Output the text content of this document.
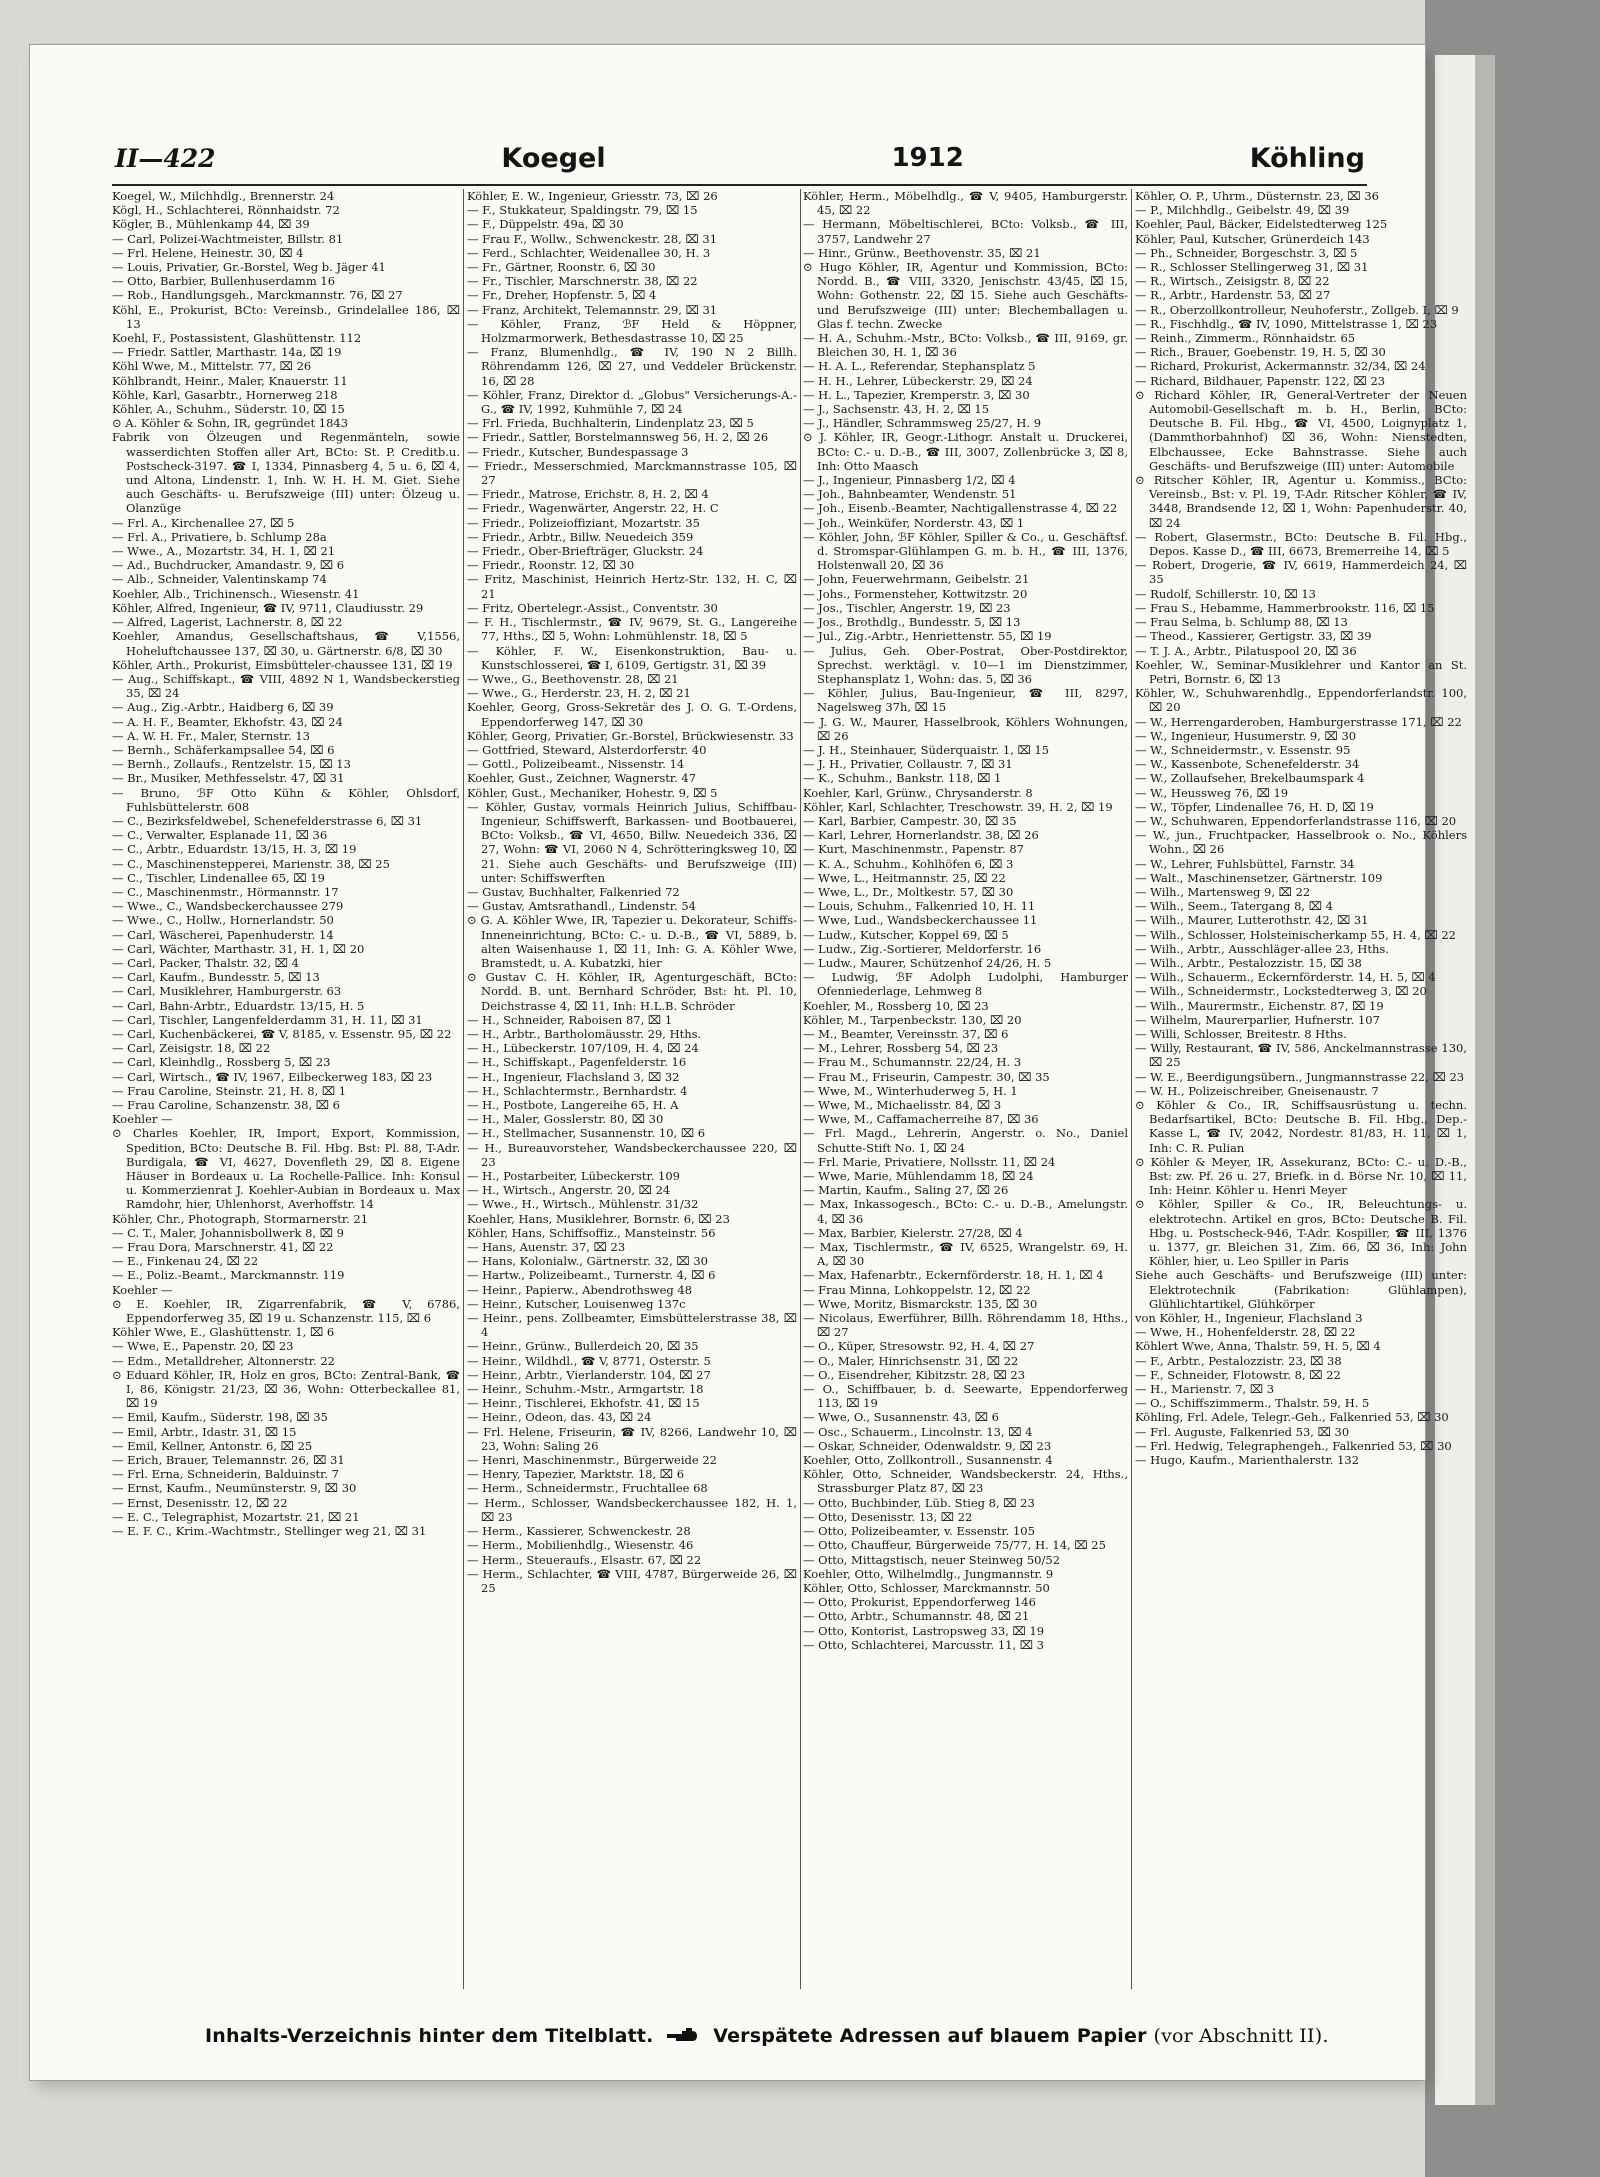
II—422	Koegel	1912	Köhling

Koegel, W., Milchhdlg., Brennerstr. 24

Kögl, H., Schlachterei, Rönnhaidstr. 72

Kögler, B., Mühlenkamp 44, ⌧ 39

— Carl, Polizei-Wachtmeister, Billstr. 81

— Frl. Helene, Heinestr. 30, ⌧ 4

— Louis, Privatier, Gr.-Borstel, Weg b. Jäger 41

— Otto, Barbier, Bullenhuserdamm 16

— Rob., Handlungsgeh., Marckmannstr. 76, ⌧ 27

Köhl, E., Prokurist, BCto: Vereinsb., Grindelallee 186, ⌧ 13

Koehl, F., Postassistent, Glashüttenstr. 112

— Friedr. Sattler, Marthastr. 14a, ⌧ 19

Köhl Wwe, M., Mittelstr. 77, ⌧ 26

Köhlbrandt, Heinr., Maler, Knauerstr. 11

Köhle, Karl, Gasarbtr., Hornerweg 218

Köhler, A., Schuhm., Süderstr. 10, ⌧ 15

⊙ A. Köhler & Sohn, IR, gegründet 1843

Fabrik von Ölzeugen und Regenmänteln, sowie wasserdichten Stoffen aller Art, BCto: St. P. Creditb.u. Postscheck-3197. ☎ I, 1334, Pinnasberg 4, 5 u. 6, ⌧ 4, und Altona, Lindenstr. 1, Inh. W. H. H. M. Giet. Siehe auch Geschäfts- u. Berufszweige (III) unter: Ölzeug u. Olanzüge

— Frl. A., Kirchenallee 27, ⌧ 5

— Frl. A., Privatiere, b. Schlump 28a

— Wwe., A., Mozartstr. 34, H. 1, ⌧ 21

— Ad., Buchdrucker, Amandastr. 9, ⌧ 6

— Alb., Schneider, Valentinskamp 74

Koehler, Alb., Trichinensch., Wiesenstr. 41

Köhler, Alfred, Ingenieur, ☎ IV, 9711, Claudiusstr. 29

— Alfred, Lagerist, Lachnerstr. 8, ⌧ 22

Koehler, Amandus, Gesellschaftshaus, ☎ V,1556, Hoheluftchaussee 137, ⌧ 30, u. Gärtnerstr. 6/8, ⌧ 30

Köhler, Arth., Prokurist, Eimsbütteler-chaussee 131, ⌧ 19

— Aug., Schiffskapt., ☎ VIII, 4892 N 1, Wandsbeckerstieg 35, ⌧ 24

— Aug., Zig.-Arbtr., Haidberg 6, ⌧ 39

— A. H. F., Beamter, Ekhofstr. 43, ⌧ 24

— A. W. H. Fr., Maler, Sternstr. 13

— Bernh., Schäferkampsallee 54, ⌧ 6

— Bernh., Zollaufs., Rentzelstr. 15, ⌧ 13

— Br., Musiker, Methfesselstr. 47, ⌧ 31

— Bruno, ℬF Otto Kühn & Köhler, Ohlsdorf, Fuhlsbüttelerstr. 608

— C., Bezirksfeldwebel, Schenefelderstrasse 6, ⌧ 31

— C., Verwalter, Esplanade 11, ⌧ 36

— C., Arbtr., Eduardstr. 13/15, H. 3, ⌧ 19

— C., Maschinenstepperei, Marienstr. 38, ⌧ 25

— C., Tischler, Lindenallee 65, ⌧ 19

— C., Maschinenmstr., Hörmannstr. 17

— Wwe., C., Wandsbeckerchaussee 279

— Wwe., C., Hollw., Hornerlandstr. 50

— Carl, Wäscherei, Papenhuderstr. 14

— Carl, Wächter, Marthastr. 31, H. 1, ⌧ 20

— Carl, Packer, Thalstr. 32, ⌧ 4

— Carl, Kaufm., Bundesstr. 5, ⌧ 13

— Carl, Musiklehrer, Hamburgerstr. 63

— Carl, Bahn-Arbtr., Eduardstr. 13/15, H. 5

— Carl, Tischler, Langenfelderdamm 31, H. 11, ⌧ 31

— Carl, Kuchenbäckerei, ☎ V, 8185, v. Essenstr. 95, ⌧ 22

— Carl, Zeisigstr. 18, ⌧ 22

— Carl, Kleinhdlg., Rossberg 5, ⌧ 23

— Carl, Wirtsch., ☎ IV, 1967, Eilbeckerweg 183, ⌧ 23

— Frau Caroline, Steinstr. 21, H. 8, ⌧ 1

— Frau Caroline, Schanzenstr. 38, ⌧ 6

Koehler —

⊙ Charles Koehler, IR, Import, Export, Kommission, Spedition, BCto: Deutsche B. Fil. Hbg. Bst: Pl. 88, T-Adr. Burdigala, ☎ VI, 4627, Dovenfleth 29, ⌧ 8. Eigene Häuser in Bordeaux u. La Rochelle-Pallice. Inh: Konsul u. Kommerzienrat J. Koehler-Aubian in Bordeaux u. Max Ramdohr, hier, Uhlenhorst, Averhoffstr. 14

Köhler, Chr., Photograph, Stormarnerstr. 21

— C. T., Maler, Johannisbollwerk 8, ⌧ 9

— Frau Dora, Marschnerstr. 41, ⌧ 22

— E., Finkenau 24, ⌧ 22

— E., Poliz.-Beamt., Marckmannstr. 119

Koehler —

⊙ E. Koehler, IR, Zigarrenfabrik, ☎ V, 6786, Eppendorferweg 35, ⌧ 19 u. Schanzenstr. 115, ⌧ 6

Köhler Wwe, E., Glashüttenstr. 1, ⌧ 6

— Wwe, E., Papenstr. 20, ⌧ 23

— Edm., Metalldreher, Altonnerstr. 22

⊙ Eduard Köhler, IR, Holz en gros, BCto: Zentral-Bank, ☎ I, 86, Königstr. 21/23, ⌧ 36, Wohn: Otterbeckallee 81, ⌧ 19

— Emil, Kaufm., Süderstr. 198, ⌧ 35

— Emil, Arbtr., Idastr. 31, ⌧ 15

— Emil, Kellner, Antonstr. 6, ⌧ 25

— Erich, Brauer, Telemannstr. 26, ⌧ 31

— Frl. Erna, Schneiderin, Balduinstr. 7

— Ernst, Kaufm., Neumünsterstr. 9, ⌧ 30

— Ernst, Desenisstr. 12, ⌧ 22

— E. C., Telegraphist, Mozartstr. 21, ⌧ 21

— E. F. C., Krim.-Wachtmstr., Stellinger weg 21, ⌧ 31

Köhler, E. W., Ingenieur, Griesstr. 73, ⌧ 26

— F., Stukkateur, Spaldingstr. 79, ⌧ 15

— F., Düppelstr. 49a, ⌧ 30

— Frau F., Wollw., Schwenckestr. 28, ⌧ 31

— Ferd., Schlachter, Weidenallee 30, H. 3

— Fr., Gärtner, Roonstr. 6, ⌧ 30

— Fr., Tischler, Marschnerstr. 38, ⌧ 22

— Fr., Dreher, Hopfenstr. 5, ⌧ 4

— Franz, Architekt, Telemannstr. 29, ⌧ 31

— Köhler, Franz, ℬF Held & Höppner, Holzmarmorwerk, Bethesdastrasse 10, ⌧ 25

— Franz, Blumenhdlg., ☎ IV, 190 N 2 Billh. Röhrendamm 126, ⌧ 27, und Veddeler Brückenstr. 16, ⌧ 28

— Köhler, Franz, Direktor d. „Globus" Versicherungs-A.-G., ☎ IV, 1992, Kuhmühle 7, ⌧ 24

— Frl. Frieda, Buchhalterin, Lindenplatz 23, ⌧ 5

— Friedr., Sattler, Borstelmannsweg 56, H. 2, ⌧ 26

— Friedr., Kutscher, Bundespassage 3

— Friedr., Messerschmied, Marckmannstrasse 105, ⌧ 27

— Friedr., Matrose, Erichstr. 8, H. 2, ⌧ 4

— Friedr., Wagenwärter, Angerstr. 22, H. C

— Friedr., Polizeioffiziant, Mozartstr. 35

— Friedr., Arbtr., Billw. Neuedeich 359

— Friedr., Ober-Briefträger, Gluckstr. 24

— Friedr., Roonstr. 12, ⌧ 30

— Fritz, Maschinist, Heinrich Hertz-Str. 132, H. C, ⌧ 21

— Fritz, Obertelegr.-Assist., Conventstr. 30

— F. H., Tischlermstr., ☎ IV, 9679, St. G., Langereihe 77, Hths., ⌧ 5, Wohn: Lohmühlenstr. 18, ⌧ 5

— Köhler, F. W., Eisenkonstruktion, Bau- u. Kunstschlosserei, ☎ I, 6109, Gertigstr. 31, ⌧ 39

— Wwe., G., Beethovenstr. 28, ⌧ 21

— Wwe., G., Herderstr. 23, H. 2, ⌧ 21

Koehler, Georg, Gross-Sekretär des J. O. G. T.-Ordens, Eppendorferweg 147, ⌧ 30

Köhler, Georg, Privatier, Gr.-Borstel, Brückwiesenstr. 33

— Gottfried, Steward, Alsterdorferstr. 40

— Gottl., Polizeibeamt., Nissenstr. 14

Koehler, Gust., Zeichner, Wagnerstr. 47

Köhler, Gust., Mechaniker, Hohestr. 9, ⌧ 5

— Köhler, Gustav, vormals Heinrich Julius, Schiffbau-Ingenieur, Schiffswerft, Barkassen- und Bootbauerei, BCto: Volksb., ☎ VI, 4650, Billw. Neuedeich 336, ⌧ 27, Wohn: ☎ VI, 2060 N 4, Schrötteringksweg 10, ⌧ 21. Siehe auch Geschäfts- und Berufszweige (III) unter: Schiffswerften

— Gustav, Buchhalter, Falkenried 72

— Gustav, Amtsrathandl., Lindenstr. 54

⊙ G. A. Köhler Wwe, IR, Tapezier u. Dekorateur, Schiffs-Inneneinrichtung, BCto: C.- u. D.-B., ☎ VI, 5889, b. alten Waisenhause 1, ⌧ 11, Inh: G. A. Köhler Wwe, Bramstedt, u. A. Kubatzki, hier

⊙ Gustav C. H. Köhler, IR, Agenturgeschäft, BCto: Nordd. B. unt. Bernhard Schröder, Bst: ht. Pl. 10, Deichstrasse 4, ⌧ 11, Inh: H.L.B. Schröder

— H., Schneider, Raboisen 87, ⌧ 1

— H., Arbtr., Bartholomäusstr. 29, Hths.

— H., Lübeckerstr. 107/109, H. 4, ⌧ 24

— H., Schiffskapt., Pagenfelderstr. 16

— H., Ingenieur, Flachsland 3, ⌧ 32

— H., Schlachtermstr., Bernhardstr. 4

— H., Postbote, Langereihe 65, H. A

— H., Maler, Gosslerstr. 80, ⌧ 30

— H., Stellmacher, Susannenstr. 10, ⌧ 6

— H., Bureauvorsteher, Wandsbeckerchaussee 220, ⌧ 23

— H., Postarbeiter, Lübeckerstr. 109

— H., Wirtsch., Angerstr. 20, ⌧ 24

— Wwe., H., Wirtsch., Mühlenstr. 31/32

Koehler, Hans, Musiklehrer, Bornstr. 6, ⌧ 23

Köhler, Hans, Schiffsoffiz., Mansteinstr. 56

— Hans, Auenstr. 37, ⌧ 23

— Hans, Kolonialw., Gärtnerstr. 32, ⌧ 30

— Hartw., Polizeibeamt., Turnerstr. 4, ⌧ 6

— Heinr., Papierw., Abendrothsweg 48

— Heinr., Kutscher, Louisenweg 137c

— Heinr., pens. Zollbeamter, Eimsbüttelerstrasse 38, ⌧ 4

— Heinr., Grünw., Bullerdeich 20, ⌧ 35

— Heinr., Wildhdl., ☎ V, 8771, Osterstr. 5

— Heinr., Arbtr., Vierlanderstr. 104, ⌧ 27

— Heinr., Schuhm.-Mstr., Armgartstr. 18

— Heinr., Tischlerei, Ekhofstr. 41, ⌧ 15

— Heinr., Odeon, das. 43, ⌧ 24

— Frl. Helene, Friseurin, ☎ IV, 8266, Landwehr 10, ⌧ 23, Wohn: Saling 26

— Henri, Maschinenmstr., Bürgerweide 22

— Henry, Tapezier, Marktstr. 18, ⌧ 6

— Herm., Schneidermstr., Fruchtallee 68

— Herm., Schlosser, Wandsbeckerchaussee 182, H. 1, ⌧ 23

— Herm., Kassierer, Schwenckestr. 28

— Herm., Mobilienhdlg., Wiesenstr. 46

— Herm., Steueraufs., Elsastr. 67, ⌧ 22

— Herm., Schlachter, ☎ VIII, 4787, Bürgerweide 26, ⌧ 25

Köhler, Herm., Möbelhdlg., ☎ V, 9405, Hamburgerstr. 45, ⌧ 22

— Hermann, Möbeltischlerei, BCto: Volksb., ☎ III, 3757, Landwehr 27

— Hinr., Grünw., Beethovenstr. 35, ⌧ 21

⊙ Hugo Köhler, IR, Agentur und Kommission, BCto: Nordd. B., ☎ VIII, 3320, Jenischstr. 43/45, ⌧ 15, Wohn: Gothenstr. 22, ⌧ 15. Siehe auch Geschäfts- und Berufszweige (III) unter: Blechemballagen u. Glas f. techn. Zwecke

— H. A., Schuhm.-Mstr., BCto: Volksb., ☎ III, 9169, gr. Bleichen 30, H. 1, ⌧ 36

— H. A. L., Referendar, Stephansplatz 5

— H. H., Lehrer, Lübeckerstr. 29, ⌧ 24

— H. L., Tapezier, Kremperstr. 3, ⌧ 30

— J., Sachsenstr. 43, H. 2, ⌧ 15

— J., Händler, Schrammsweg 25/27, H. 9

⊙ J. Köhler, IR, Geogr.-Lithogr. Anstalt u. Druckerei, BCto: C.- u. D.-B., ☎ III, 3007, Zollenbrücke 3, ⌧ 8, Inh: Otto Maasch

— J., Ingenieur, Pinnasberg 1/2, ⌧ 4

— Joh., Bahnbeamter, Wendenstr. 51

— Joh., Eisenb.-Beamter, Nachtigallenstrasse 4, ⌧ 22

— Joh., Weinküfer, Norderstr. 43, ⌧ 1

— Köhler, John, ℬF Köhler, Spiller & Co., u. Geschäftsf. d. Stromspar-Glühlampen G. m. b. H., ☎ III, 1376, Holstenwall 20, ⌧ 36

— John, Feuerwehrmann, Geibelstr. 21

— Johs., Formensteher, Kottwitzstr. 20

— Jos., Tischler, Angerstr. 19, ⌧ 23

— Jos., Brothdlg., Bundesstr. 5, ⌧ 13

— Jul., Zig.-Arbtr., Henriettenstr. 55, ⌧ 19

— Julius, Geh. Ober-Postrat, Ober-Postdirektor, Sprechst. werktägl. v. 10—1 im Dienstzimmer, Stephansplatz 1, Wohn: das. 5, ⌧ 36

— Köhler, Julius, Bau-Ingenieur, ☎ III, 8297, Nagelsweg 37h, ⌧ 15

— J. G. W., Maurer, Hasselbrook, Köhlers Wohnungen, ⌧ 26

— J. H., Steinhauer, Süderquaistr. 1, ⌧ 15

— J. H., Privatier, Collaustr. 7, ⌧ 31

— K., Schuhm., Bankstr. 118, ⌧ 1

Koehler, Karl, Grünw., Chrysanderstr. 8

Köhler, Karl, Schlachter, Treschowstr. 39, H. 2, ⌧ 19

— Karl, Barbier, Campestr. 30, ⌧ 35

— Karl, Lehrer, Hornerlandstr. 38, ⌧ 26

— Kurt, Maschinenmstr., Papenstr. 87

— K. A., Schuhm., Kohlhöfen 6, ⌧ 3

— Wwe, L., Heitmannstr. 25, ⌧ 22

— Wwe, L., Dr., Moltkestr. 57, ⌧ 30

— Louis, Schuhm., Falkenried 10, H. 11

— Wwe, Lud., Wandsbeckerchaussee 11

— Ludw., Kutscher, Koppel 69, ⌧ 5

— Ludw., Zig.-Sortierer, Meldorferstr. 16

— Ludw., Maurer, Schützenhof 24/26, H. 5

— Ludwig, ℬF Adolph Ludolphi, Hamburger Ofenniederlage, Lehmweg 8

Koehler, M., Rossberg 10, ⌧ 23

Köhler, M., Tarpenbeckstr. 130, ⌧ 20

— M., Beamter, Vereinsstr. 37, ⌧ 6

— M., Lehrer, Rossberg 54, ⌧ 23

— Frau M., Schumannstr. 22/24, H. 3

— Frau M., Friseurin, Campestr. 30, ⌧ 35

— Wwe, M., Winterhuderweg 5, H. 1

— Wwe, M., Michaelisstr. 84, ⌧ 3

— Wwe, M., Caffamacherreihe 87, ⌧ 36

— Frl. Magd., Lehrerin, Angerstr. o. No., Daniel Schutte-Stift No. 1, ⌧ 24

— Frl. Marie, Privatiere, Nollsstr. 11, ⌧ 24

— Wwe, Marie, Mühlendamm 18, ⌧ 24

— Martin, Kaufm., Saling 27, ⌧ 26

— Max, Inkassogesch., BCto: C.- u. D.-B., Amelungstr. 4, ⌧ 36

— Max, Barbier, Kielerstr. 27/28, ⌧ 4

— Max, Tischlermstr., ☎ IV, 6525, Wrangelstr. 69, H. A, ⌧ 30

— Max, Hafenarbtr., Eckernförderstr. 18, H. 1, ⌧ 4

— Frau Minna, Lohkoppelstr. 12, ⌧ 22

— Wwe, Moritz, Bismarckstr. 135, ⌧ 30

— Nicolaus, Ewerführer, Billh. Röhrendamm 18, Hths., ⌧ 27

— O., Küper, Stresowstr. 92, H. 4, ⌧ 27

— O., Maler, Hinrichsenstr. 31, ⌧ 22

— O., Eisendreher, Kibitzstr. 28, ⌧ 23

— O., Schiffbauer, b. d. Seewarte, Eppendorferweg 113, ⌧ 19

— Wwe, O., Susannenstr. 43, ⌧ 6

— Osc., Schauerm., Lincolnstr. 13, ⌧ 4

— Oskar, Schneider, Odenwaldstr. 9, ⌧ 23

Koehler, Otto, Zollkontroll., Susannenstr. 4

Köhler, Otto, Schneider, Wandsbeckerstr. 24, Hths., Strassburger Platz 87, ⌧ 23

— Otto, Buchbinder, Lüb. Stieg 8, ⌧ 23

— Otto, Desenisstr. 13, ⌧ 22

— Otto, Polizeibeamter, v. Essenstr. 105

— Otto, Chauffeur, Bürgerweide 75/77, H. 14, ⌧ 25

— Otto, Mittagstisch, neuer Steinweg 50/52

Koehler, Otto, Wilhelmdlg., Jungmannstr. 9

Köhler, Otto, Schlosser, Marckmannstr. 50

— Otto, Prokurist, Eppendorferweg 146

— Otto, Arbtr., Schumannstr. 48, ⌧ 21

— Otto, Kontorist, Lastropsweg 33, ⌧ 19

— Otto, Schlachterei, Marcusstr. 11, ⌧ 3

Köhler, O. P., Uhrm., Düsternstr. 23, ⌧ 36

— P., Milchhdlg., Geibelstr. 49, ⌧ 39

Koehler, Paul, Bäcker, Eidelstedterweg 125

Köhler, Paul, Kutscher, Grünerdeich 143

— Ph., Schneider, Borgeschstr. 3, ⌧ 5

— R., Schlosser Stellingerweg 31, ⌧ 31

— R., Wirtsch., Zeisigstr. 8, ⌧ 22

— R., Arbtr., Hardenstr. 53, ⌧ 27

— R., Oberzollkontrolleur, Neuhoferstr., Zollgeb. I, ⌧ 9

— R., Fischhdlg., ☎ IV, 1090, Mittelstrasse 1, ⌧ 23

— Reinh., Zimmerm., Rönnhaidstr. 65

— Rich., Brauer, Goebenstr. 19, H. 5, ⌧ 30

— Richard, Prokurist, Ackermannstr. 32/34, ⌧ 24

— Richard, Bildhauer, Papenstr. 122, ⌧ 23

⊙ Richard Köhler, IR, General-Vertreter der Neuen Automobil-Gesellschaft m. b. H., Berlin, BCto: Deutsche B. Fil. Hbg., ☎ VI, 4500, Loignyplatz 1, (Dammthorbahnhof) ⌧ 36, Wohn: Nienstedten, Elbchaussee, Ecke Bahnstrasse. Siehe auch Geschäfts- und Berufszweige (III) unter: Automobile

⊙ Ritscher Köhler, IR, Agentur u. Kommiss., BCto: Vereinsb., Bst: v. Pl. 19, T-Adr. Ritscher Köhler, ☎ IV, 3448, Brandsende 12, ⌧ 1, Wohn: Papenhuderstr. 40, ⌧ 24

— Robert, Glasermstr., BCto: Deutsche B. Fil. Hbg., Depos. Kasse D., ☎ III, 6673, Bremerreihe 14, ⌧ 5

— Robert, Drogerie, ☎ IV, 6619, Hammerdeich 24, ⌧ 35

— Rudolf, Schillerstr. 10, ⌧ 13

— Frau S., Hebamme, Hammerbrookstr. 116, ⌧ 15

— Frau Selma, b. Schlump 88, ⌧ 13

— Theod., Kassierer, Gertigstr. 33, ⌧ 39

— T. J. A., Arbtr., Pilatuspool 20, ⌧ 36

Koehler, W., Seminar-Musiklehrer und Kantor an St. Petri, Bornstr. 6, ⌧ 13

Köhler, W., Schuhwarenhdlg., Eppendorferlandstr. 100, ⌧ 20

— W., Herrengarderoben, Hamburgerstrasse 171, ⌧ 22

— W., Ingenieur, Husumerstr. 9, ⌧ 30

— W., Schneidermstr., v. Essenstr. 95

— W., Kassenbote, Schenefelderstr. 34

— W., Zollaufseher, Brekelbaumspark 4

— W., Heussweg 76, ⌧ 19

— W., Töpfer, Lindenallee 76, H. D, ⌧ 19

— W., Schuhwaren, Eppendorferlandstrasse 116, ⌧ 20

— W., jun., Fruchtpacker, Hasselbrook o. No., Köhlers Wohn., ⌧ 26

— W., Lehrer, Fuhlsbüttel, Farnstr. 34

— Walt., Maschinensetzer, Gärtnerstr. 109

— Wilh., Martensweg 9, ⌧ 22

— Wilh., Seem., Tatergang 8, ⌧ 4

— Wilh., Maurer, Lutterothstr. 42, ⌧ 31

— Wilh., Schlosser, Holsteinischerkamp 55, H. 4, ⌧ 22

— Wilh., Arbtr., Ausschläger-allee 23, Hths.

— Wilh., Arbtr., Pestalozzistr. 15, ⌧ 38

— Wilh., Schauerm., Eckernförderstr. 14, H. 5, ⌧ 4

— Wilh., Schneidermstr., Lockstedterweg 3, ⌧ 20

— Wilh., Maurermstr., Eichenstr. 87, ⌧ 19

— Wilhelm, Maurerparlier, Hufnerstr. 107

— Willi, Schlosser, Breitestr. 8 Hths.

— Willy, Restaurant, ☎ IV, 586, Anckelmannstrasse 130, ⌧ 25

— W. E., Beerdigungsübern., Jungmannstrasse 22, ⌧ 23

— W. H., Polizeischreiber, Gneisenaustr. 7

⊙ Köhler & Co., IR, Schiffsausrüstung u. techn. Bedarfsartikel, BCto: Deutsche B. Fil. Hbg., Dep.-Kasse L, ☎ IV, 2042, Nordestr. 81/83, H. 11, ⌧ 1, Inh: C. R. Pulian

⊙ Köhler & Meyer, IR, Assekuranz, BCto: C.- u. D.-B., Bst: zw. Pf. 26 u. 27, Briefk. in d. Börse Nr. 10, ⌧ 11, Inh: Heinr. Köhler u. Henri Meyer

⊙ Köhler, Spiller & Co., IR, Beleuchtungs- u. elektrotechn. Artikel en gros, BCto: Deutsche B. Fil. Hbg. u. Postscheck-946, T-Adr. Kospiller, ☎ III, 1376 u. 1377, gr. Bleichen 31, Zim. 66, ⌧ 36, Inh: John Köhler, hier, u. Leo Spiller in Paris

Siehe auch Geschäfts- und Berufszweige (III) unter: Elektrotechnik (Fabrikation: Glühlampen), Glühlichtartikel, Glühkörper

von Köhler, H., Ingenieur, Flachsland 3

— Wwe, H., Hohenfelderstr. 28, ⌧ 22

Köhlert Wwe, Anna, Thalstr. 59, H. 5, ⌧ 4

— F., Arbtr., Pestalozzistr. 23, ⌧ 38

— F., Schneider, Flotowstr. 8, ⌧ 22

— H., Marienstr. 7, ⌧ 3

— O., Schiffszimmerm., Thalstr. 59, H. 5

Köhling, Frl. Adele, Telegr.-Geh., Falkenried 53, ⌧ 30

— Frl. Auguste, Falkenried 53, ⌧ 30

— Frl. Hedwig, Telegraphengeh., Falkenried 53, ⌧ 30

— Hugo, Kaufm., Marienthalerstr. 132

Inhalts-Verzeichnis hinter dem Titelblatt.	Verspätete Adressen auf blauem Papier (vor Abschnitt II).
